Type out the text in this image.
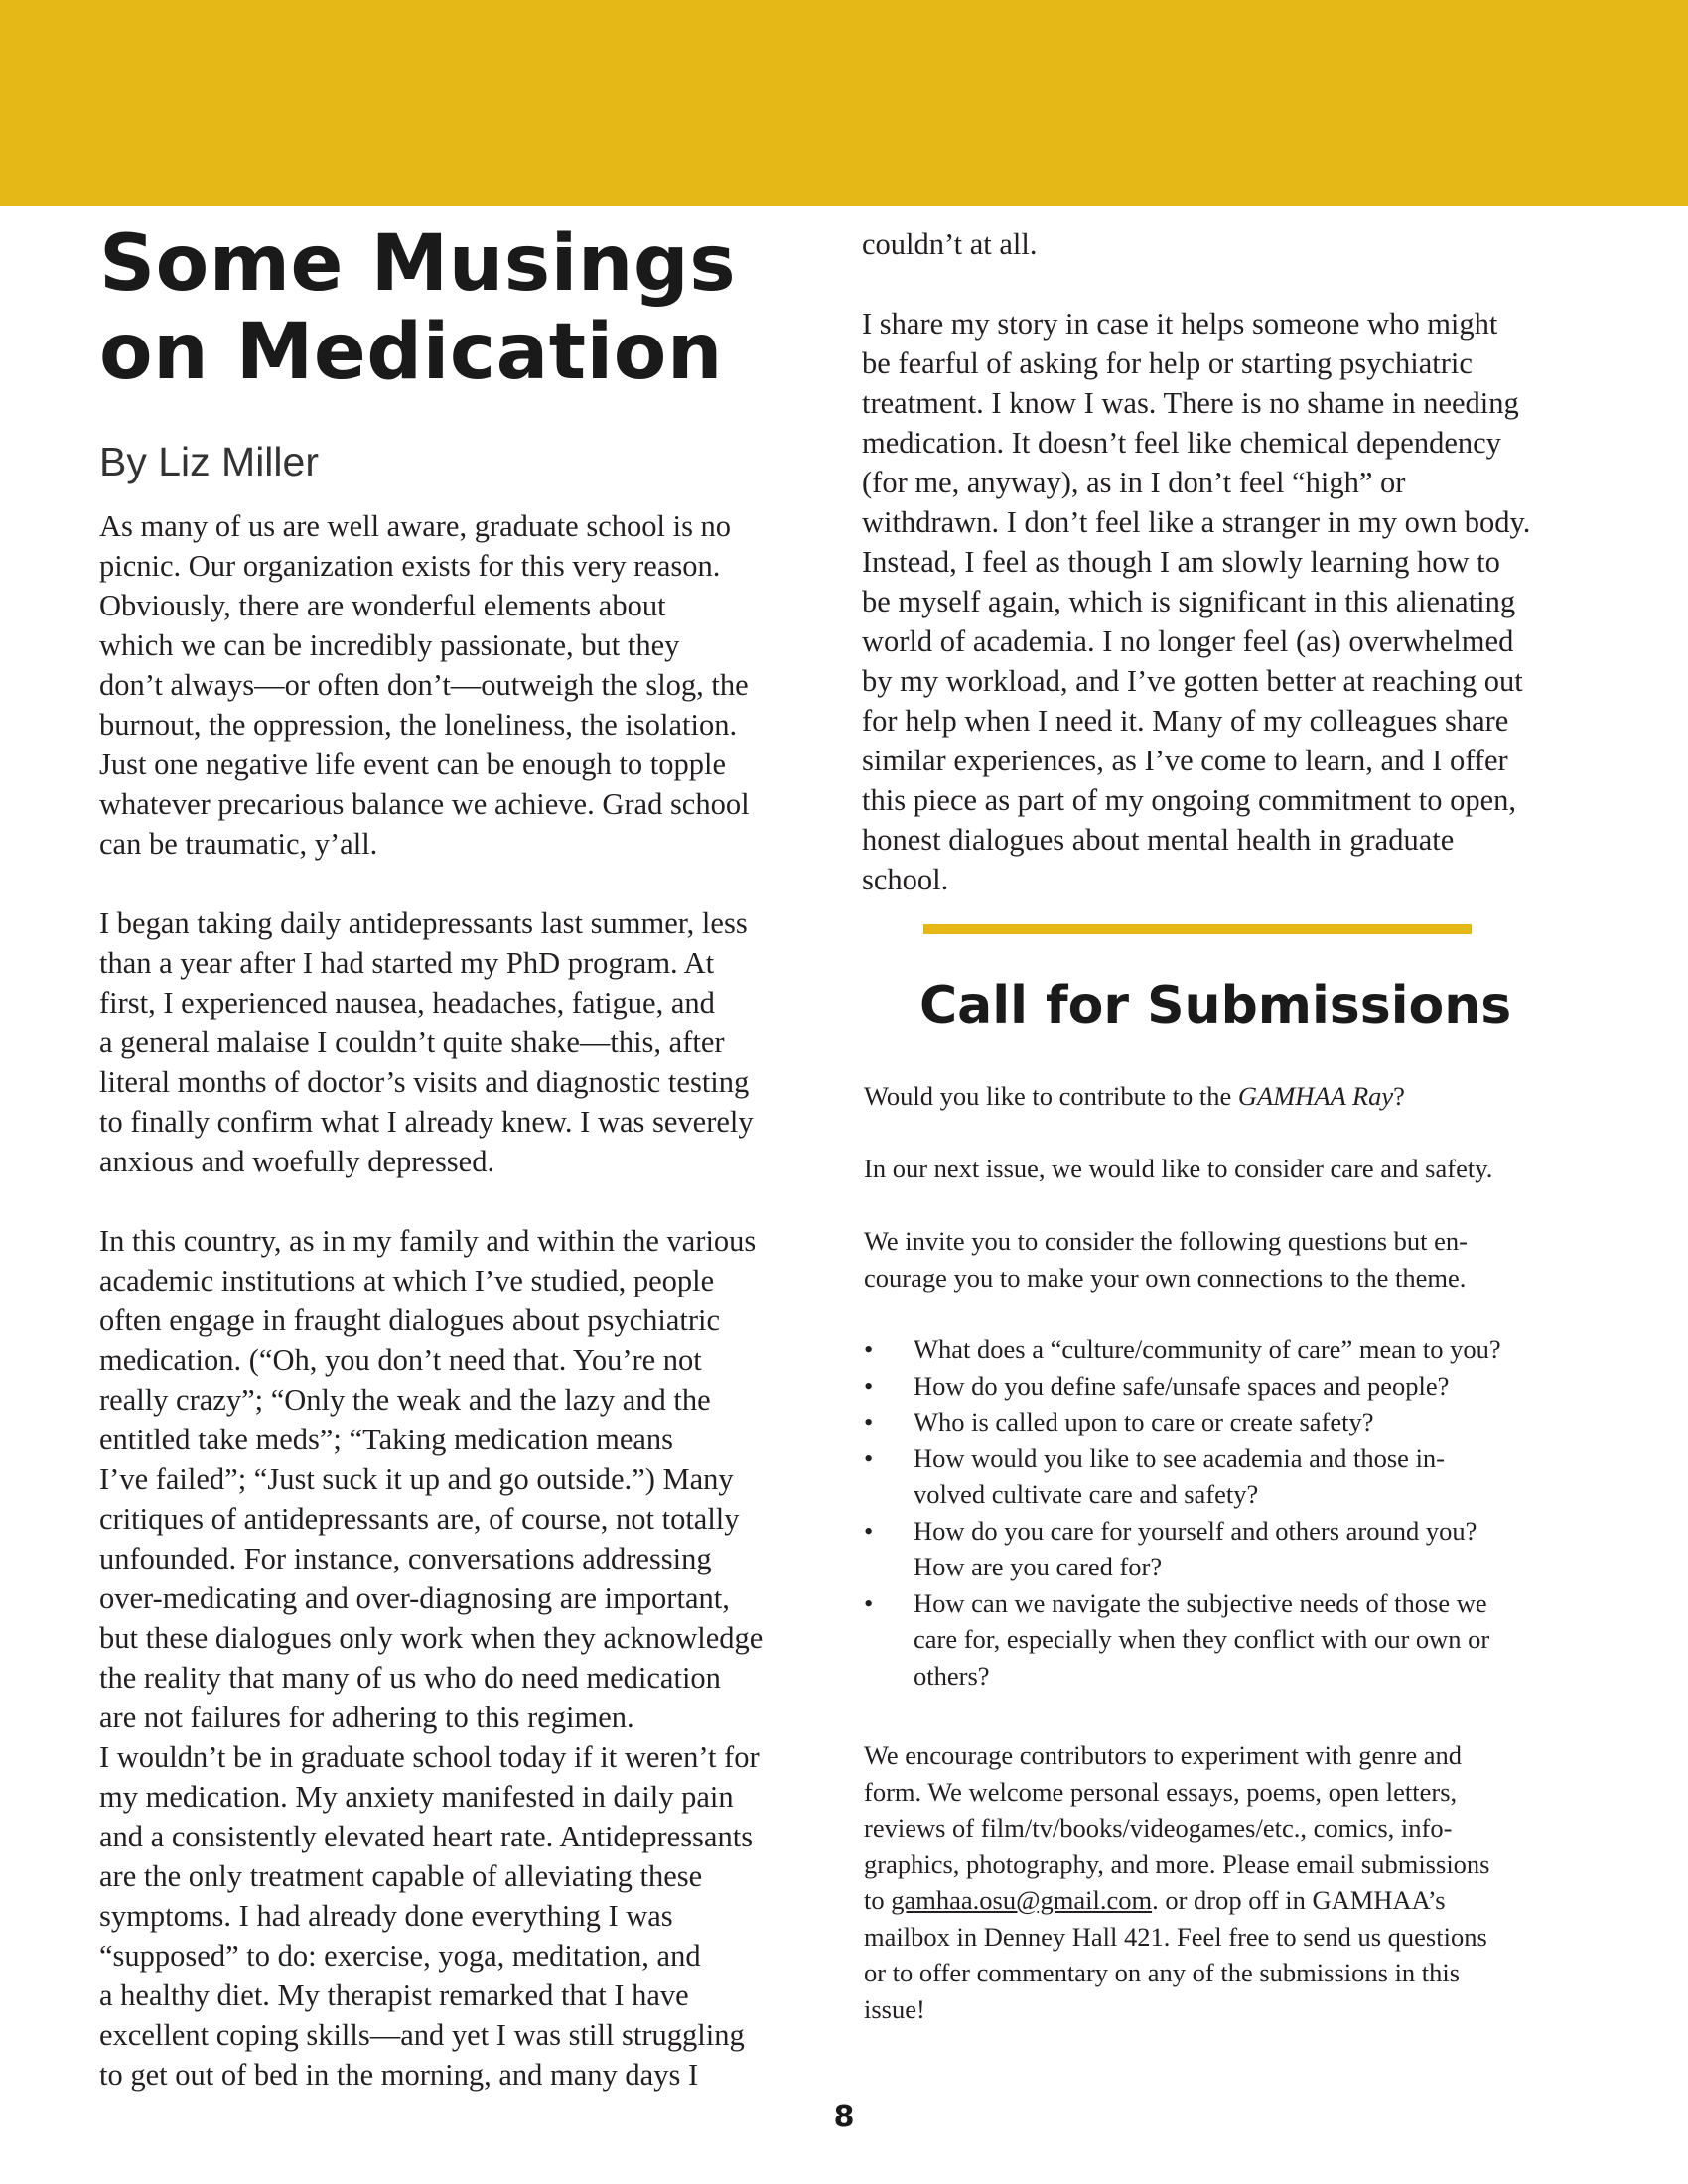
Some Musings
on Medication

By Liz Miller

As many of us are well aware, graduate school is no
picnic. Our organization exists for this very reason.
Obviously, there are wonderful elements about
which we can be incredibly passionate, but they
don’t always—or often don’t—outweigh the slog, the
burnout, the oppression, the loneliness, the isolation.
Just one negative life event can be enough to topple
whatever precarious balance we achieve. Grad school
can be traumatic, y’all.

I began taking daily antidepressants last summer, less
than a year after I had started my PhD program. At
first, I experienced nausea, headaches, fatigue, and
a general malaise I couldn’t quite shake—this, after
literal months of doctor’s visits and diagnostic testing
to finally confirm what I already knew. I was severely
anxious and woefully depressed.

In this country, as in my family and within the various
academic institutions at which I’ve studied, people
often engage in fraught dialogues about psychiatric
medication. (“Oh, you don’t need that. You’re not
really crazy”; “Only the weak and the lazy and the
entitled take meds”; “Taking medication means
I’ve failed”; “Just suck it up and go outside.”) Many
critiques of antidepressants are, of course, not totally
unfounded. For instance, conversations addressing
over-medicating and over-diagnosing are important,
but these dialogues only work when they acknowledge
the reality that many of us who do need medication
are not failures for adhering to this regimen.

I wouldn’t be in graduate school today if it weren’t for
my medication. My anxiety manifested in daily pain
and a consistently elevated heart rate. Antidepressants
are the only treatment capable of alleviating these
symptoms. I had already done everything I was
“supposed” to do: exercise, yoga, meditation, and
a healthy diet. My therapist remarked that I have
excellent coping skills—and yet I was still struggling
to get out of bed in the morning, and many days I

couldn’t at all.

I share my story in case it helps someone who might
be fearful of asking for help or starting psychiatric
treatment. I know I was. There is no shame in needing
medication. It doesn’t feel like chemical dependency
(for me, anyway), as in I don’t feel “high” or
withdrawn. I don’t feel like a stranger in my own body.
Instead, I feel as though I am slowly learning how to
be myself again, which is significant in this alienating
world of academia. I no longer feel (as) overwhelmed
by my workload, and I’ve gotten better at reaching out
for help when I need it. Many of my colleagues share
similar experiences, as I’ve come to learn, and I offer
this piece as part of my ongoing commitment to open,
honest dialogues about mental health in graduate
school.

Call for Submissions

Would you like to contribute to the GAMHAA Ray?

In our next issue, we would like to consider care and safety.

We invite you to consider the following questions but en-
courage you to make your own connections to the theme.

• What does a “culture/community of care” mean to you?
• How do you define safe/unsafe spaces and people?
• Who is called upon to care or create safety?
• How would you like to see academia and those in-
volved cultivate care and safety?
• How do you care for yourself and others around you?
How are you cared for?
• How can we navigate the subjective needs of those we
care for, especially when they conflict with our own or
others?

We encourage contributors to experiment with genre and
form. We welcome personal essays, poems, open letters,
reviews of film/tv/books/videogames/etc., comics, info-
graphics, photography, and more. Please email submissions
to gamhaa.osu@gmail.com. or drop off in GAMHAA’s
mailbox in Denney Hall 421. Feel free to send us questions
or to offer commentary on any of the submissions in this
issue!

8
